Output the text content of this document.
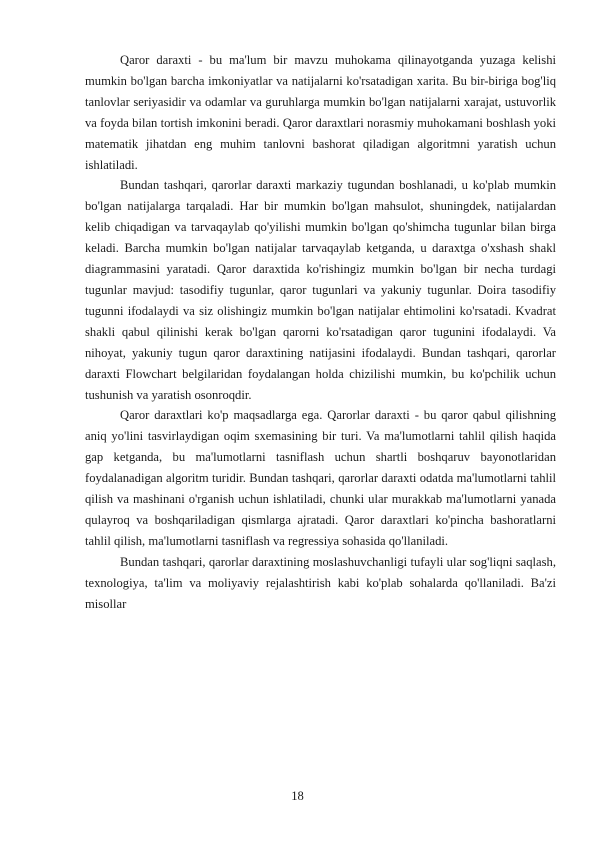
Qaror daraxti - bu ma'lum bir mavzu muhokama qilinayotganda yuzaga kelishi mumkin bo'lgan barcha imkoniyatlar va natijalarni ko'rsatadigan xarita. Bu bir-biriga bog'liq tanlovlar seriyasidir va odamlar va guruhlarga mumkin bo'lgan natijalarni xarajat, ustuvorlik va foyda bilan tortish imkonini beradi. Qaror daraxtlari norasmiy muhokamani boshlash yoki matematik jihatdan eng muhim tanlovni bashorat qiladigan algoritmni yaratish uchun ishlatiladi.

Bundan tashqari, qarorlar daraxti markaziy tugundan boshlanadi, u ko'plab mumkin bo'lgan natijalarga tarqaladi. Har bir mumkin bo'lgan mahsulot, shuningdek, natijalardan kelib chiqadigan va tarvaqaylab qo'yilishi mumkin bo'lgan qo'shimcha tugunlar bilan birga keladi. Barcha mumkin bo'lgan natijalar tarvaqaylab ketganda, u daraxtga o'xshash shakl diagrammasini yaratadi. Qaror daraxtida ko'rishingiz mumkin bo'lgan bir necha turdagi tugunlar mavjud: tasodifiy tugunlar, qaror tugunlari va yakuniy tugunlar. Doira tasodifiy tugunni ifodalaydi va siz olishingiz mumkin bo'lgan natijalar ehtimolini ko'rsatadi. Kvadrat shakli qabul qilinishi kerak bo'lgan qarorni ko'rsatadigan qaror tugunini ifodalaydi. Va nihoyat, yakuniy tugun qaror daraxtining natijasini ifodalaydi. Bundan tashqari, qarorlar daraxti Flowchart belgilaridan foydalangan holda chizilishi mumkin, bu ko'pchilik uchun tushunish va yaratish osonroqdir.

Qaror daraxtlari ko'p maqsadlarga ega. Qarorlar daraxti - bu qaror qabul qilishning aniq yo'lini tasvirlaydigan oqim sxemasining bir turi. Va ma'lumotlarni tahlil qilish haqida gap ketganda, bu ma'lumotlarni tasniflash uchun shartli boshqaruv bayonotlaridan foydalanadigan algoritm turidir. Bundan tashqari, qarorlar daraxti odatda ma'lumotlarni tahlil qilish va mashinani o'rganish uchun ishlatiladi, chunki ular murakkab ma'lumotlarni yanada qulayroq va boshqariladigan qismlarga ajratadi. Qaror daraxtlari ko'pincha bashoratlarni tahlil qilish, ma'lumotlarni tasniflash va regressiya sohasida qo'llaniladi.

Bundan tashqari, qarorlar daraxtining moslashuvchanligi tufayli ular sog'liqni saqlash, texnologiya, ta'lim va moliyaviy rejalashtirish kabi ko'plab sohalarda qo'llaniladi. Ba'zi misollar

18
